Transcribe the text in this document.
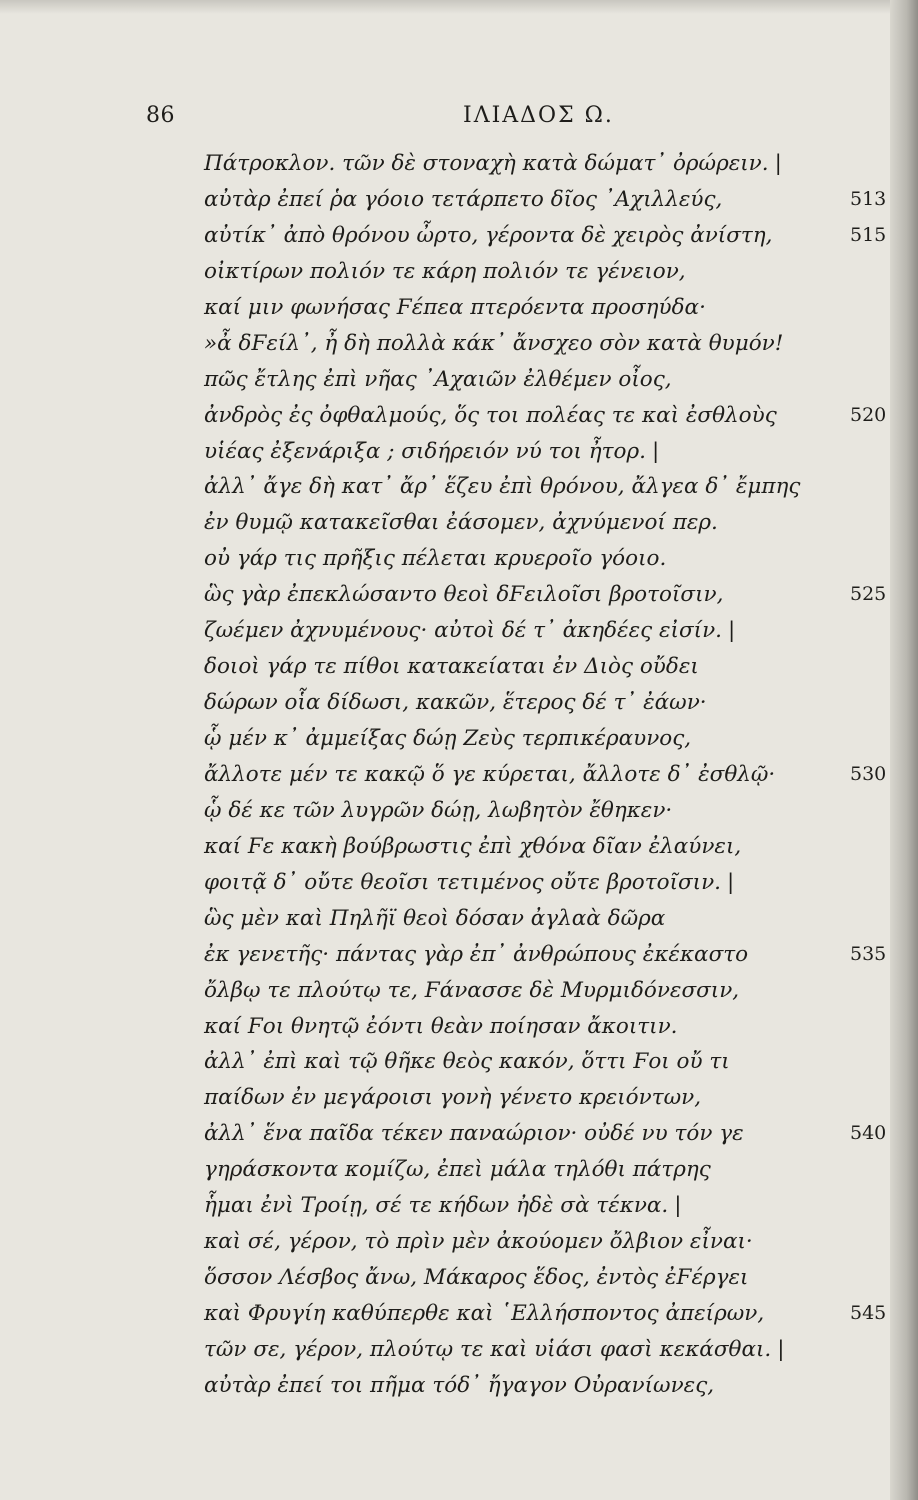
86	ΙΛΙΑΔΟΣ Ω.
Πάτροκλον. τῶν δὲ στοναχὴ κατὰ δώματ᾽ ὀρώρειν. |
αὐτὰρ ἐπεί ῥα γόοιο τετάρπετο δῖος ᾽Αχιλλεύς,
αὐτίκ᾽ ἀπὸ θρόνου ὦρτο, γέροντα δὲ χειρὸς ἀνίστη,
οἰκτίρων πολιόν τε κάρη πολιόν τε γένειον,
καί μιν φωνήσας Ϝέπεα πτερόεντα προσηύδα·
»ἆ δϜείλ᾽, ἦ δὴ πολλὰ κάκ᾽ ἄνσχεο σὸν κατὰ θυμόν!
πῶς ἔτλης ἐπὶ νῆας ᾽Αχαιῶν ἐλθέμεν οἶος,
ἀνδρὸς ἐς ὀφθαλμούς, ὅς τοι πολέας τε καὶ ἐσθλοὺς
υἱέας ἐξενάριξα ; σιδήρειόν νύ τοι ἦτορ. |
ἀλλ᾽ ἄγε δὴ κατ᾽ ἄρ᾽ ἕζευ ἐπὶ θρόνου, ἄλγεα δ᾽ ἔμπης
ἐν θυμῷ κατακεῖσθαι ἐάσομεν, ἀχνύμενοί περ.
οὐ γάρ τις πρῆξις πέλεται κρυεροῖο γόοιο.
ὣς γὰρ ἐπεκλώσαντο θεοὶ δϜειλοῖσι βροτοῖσιν,
ζωέμεν ἀχνυμένους· αὐτοὶ δέ τ᾽ ἀκηδέες εἰσίν. |
δοιοὶ γάρ τε πίθοι κατακείαται ἐν Διὸς οὔδει
δώρων οἷα δίδωσι, κακῶν, ἕτερος δέ τ᾽ ἐάων·
ᾧ μέν κ᾽ ἀμμείξας δώῃ Ζεὺς τερπικέραυνος,
ἄλλοτε μέν τε κακῷ ὅ γε κύρεται, ἄλλοτε δ᾽ ἐσθλῷ·
ᾧ δέ κε τῶν λυγρῶν δώῃ, λωβητὸν ἔθηκεν·
καί Ϝε κακὴ βούβρωστις ἐπὶ χθόνα δῖαν ἐλαύνει,
φοιτᾷ δ᾽ οὔτε θεοῖσι τετιμένος οὔτε βροτοῖσιν. |
ὣς μὲν καὶ Πηλῆϊ θεοὶ δόσαν ἀγλαὰ δῶρα
ἐκ γενετῆς· πάντας γὰρ ἐπ᾽ ἀνθρώπους ἐκέκαστο
ὄλβῳ τε πλούτῳ τε, Ϝάνασσε δὲ Μυρμιδόνεσσιν,
καί Ϝοι θνητῷ ἐόντι θεὰν ποίησαν ἄκοιτιν.
ἀλλ᾽ ἐπὶ καὶ τῷ θῆκε θεὸς κακόν, ὅττι Ϝοι οὔ τι
παίδων ἐν μεγάροισι γονὴ γένετο κρειόντων,
ἀλλ᾽ ἕνα παῖδα τέκεν παναώριον· οὐδέ νυ τόν γε
γηράσκοντα κομίζω, ἐπεὶ μάλα τηλόθι πάτρης
ἧμαι ἐνὶ Τροίῃ, σέ τε κήδων ἠδὲ σὰ τέκνα. |
καὶ σέ, γέρον, τὸ πρὶν μὲν ἀκούομεν ὄλβιον εἶναι·
ὅσσον Λέσβος ἄνω, Μάκαρος ἕδος, ἐντὸς ἐϜέργει
καὶ Φρυγίη καθύπερθε καὶ ῾Ελλήσποντος ἀπείρων,
τῶν σε, γέρον, πλούτῳ τε καὶ υἱάσι φασὶ κεκάσθαι. |
αὐτὰρ ἐπεί τοι πῆμα τόδ᾽ ἤγαγον Οὐρανίωνες,
513
515
520
525
530
535
540
545
